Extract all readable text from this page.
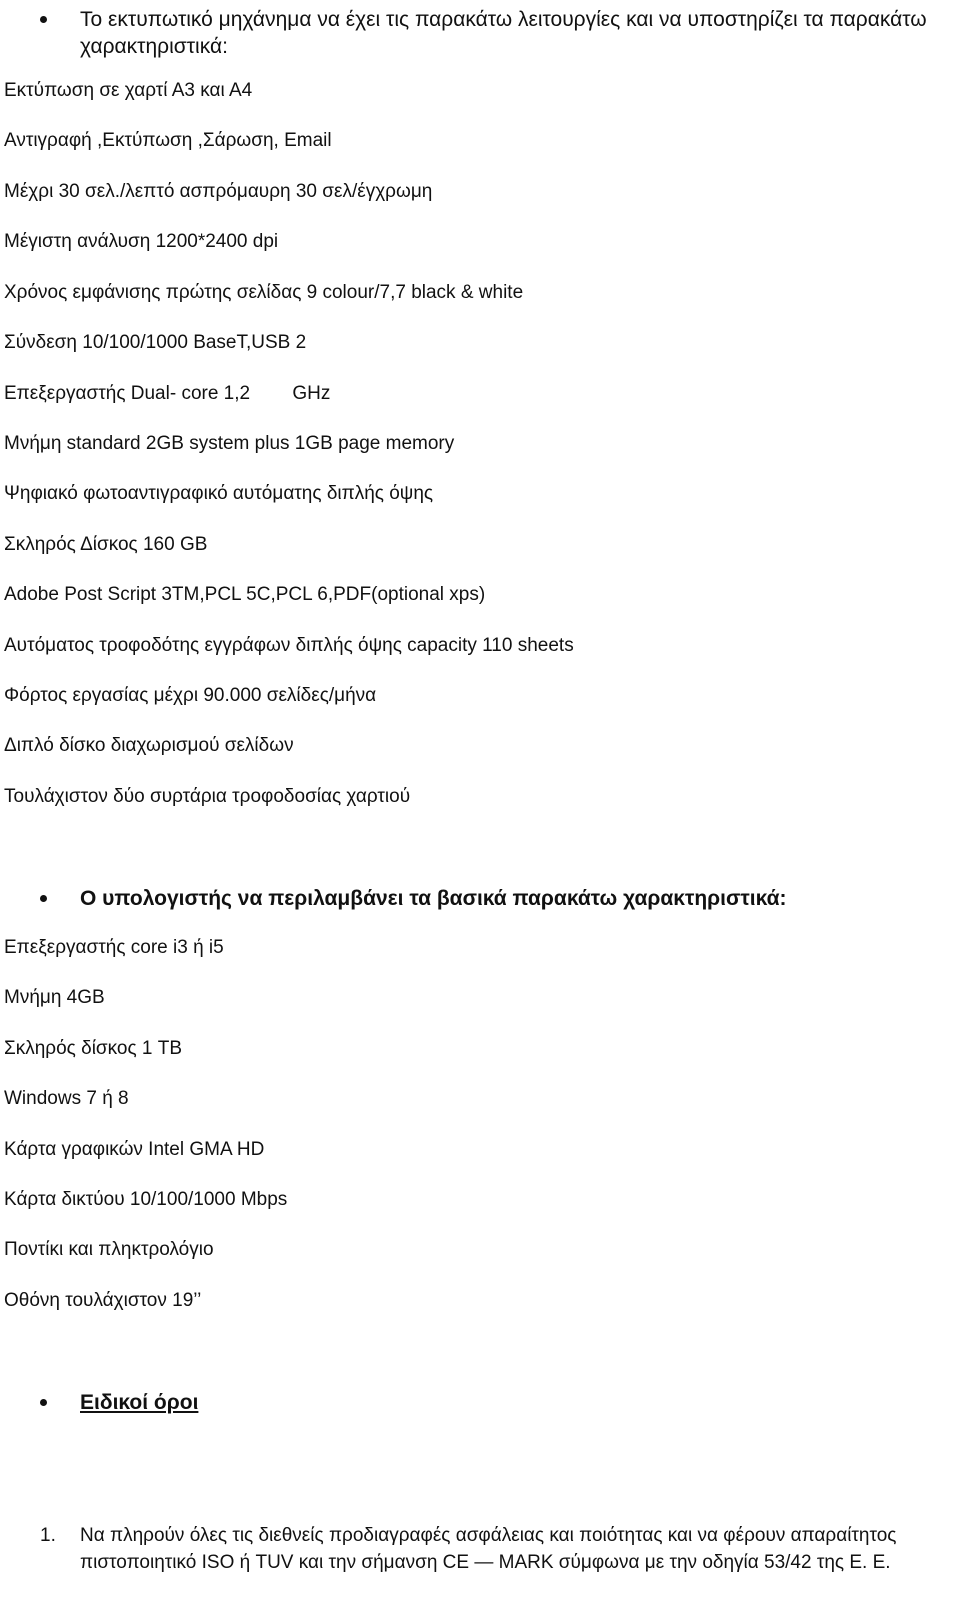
Το εκτυπωτικό μηχάνημα να έχει τις παρακάτω λειτουργίες και να υποστηρίζει τα παρακάτω χαρακτηριστικά:
Εκτύπωση σε χαρτί Α3 και Α4
Αντιγραφή ,Εκτύπωση ,Σάρωση, Email
Μέχρι 30 σελ./λεπτό ασπρόμαυρη 30 σελ/έγχρωμη
Μέγιστη ανάλυση 1200*2400 dpi
Χρόνος εμφάνισης πρώτης σελίδας 9 colour/7,7 black & white
Σύνδεση 10/100/1000 BaseT,USB 2
Επεξεργαστής Dual- core 1,2        GHz
Μνήμη standard 2GB system plus 1GB page memory
Ψηφιακό φωτοαντιγραφικό αυτόματης διπλής όψης
Σκληρός Δίσκος 160 GB
Adobe Post Script 3TM,PCL 5C,PCL 6,PDF(optional xps)
Αυτόματος τροφοδότης εγγράφων διπλής όψης capacity 110 sheets
Φόρτος εργασίας μέχρι 90.000 σελίδες/μήνα
Διπλό δίσκο διαχωρισμού σελίδων
Τουλάχιστον δύο συρτάρια τροφοδοσίας χαρτιού
Ο υπολογιστής να περιλαμβάνει τα βασικά παρακάτω χαρακτηριστικά:
Επεξεργαστής core i3 ή i5
Μνήμη 4GB
Σκληρός δίσκος 1 TB
Windows 7 ή 8
Κάρτα γραφικών Intel GMA HD
Κάρτα δικτύου 10/100/1000 Mbps
Ποντίκι και πληκτρολόγιο
Οθόνη τουλάχιστον 19’’
Ειδικοί όροι
1. Να πληρούν όλες τις διεθνείς προδιαγραφές ασφάλειας και ποιότητας και να φέρουν απαραίτητος πιστοποιητικό ISO ή TUV και την σήμανση CE — MARK σύμφωνα με την οδηγία 53/42 της Ε. Ε.
